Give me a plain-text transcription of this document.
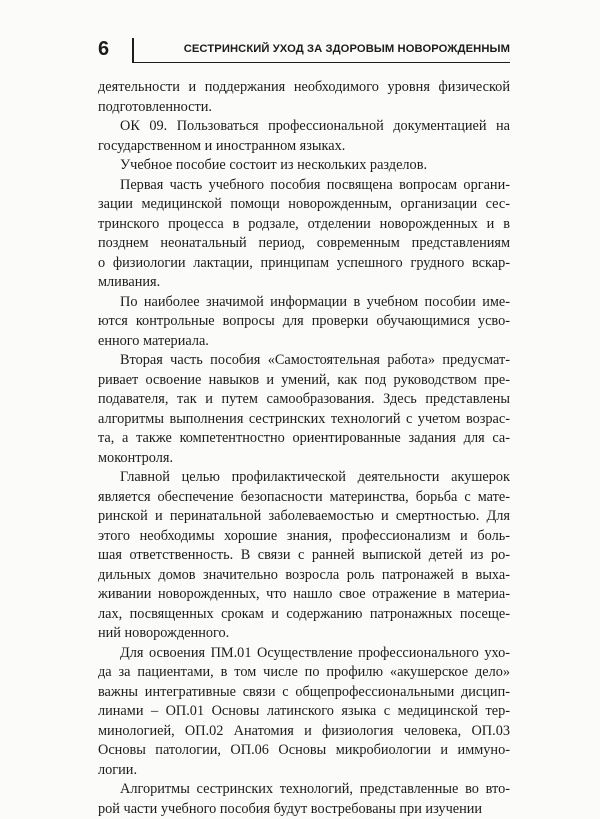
6	СЕСТРИНСКИЙ УХОД ЗА ЗДОРОВЫМ НОВОРОЖДЕННЫМ
деятельности и поддержания необходимого уровня физической
подготовленности.
ОК 09. Пользоваться профессиональной документацией на
государственном и иностранном языках.
Учебное пособие состоит из нескольких разделов.
Первая часть учебного пособия посвящена вопросам органи-
зации медицинской помощи новорожденным, организации сес-
тринского процесса в родзале, отделении новорожденных и в
позднем неонатальный период, современным представлениям
о физиологии лактации, принципам успешного грудного вскар-
мливания.
По наиболее значимой информации в учебном пособии име-
ются контрольные вопросы для проверки обучающимися усво-
енного материала.
Вторая часть пособия «Самостоятельная работа» предусмат-
ривает освоение навыков и умений, как под руководством пре-
подавателя, так и путем самообразования. Здесь представлены
алгоритмы выполнения сестринских технологий с учетом возрас-
та, а также компетентностно ориентированные задания для са-
моконтроля.
Главной целью профилактической деятельности акушерок
является обеспечение безопасности материнства, борьба с мате-
ринской и перинатальной заболеваемостью и смертностью. Для
этого необходимы хорошие знания, профессионализм и боль-
шая ответственность. В связи с ранней выпиской детей из ро-
дильных домов значительно возросла роль патронажей в выха-
живании новорожденных, что нашло свое отражение в материа-
лах, посвященных срокам и содержанию патронажных посеще-
ний новорожденного.
Для освоения ПМ.01 Осуществление профессионального ухо-
да за пациентами, в том числе по профилю «акушерское дело»
важны интегративные связи с общепрофессиональными дисцип-
линами – ОП.01 Основы латинского языка с медицинской тер-
минологией, ОП.02 Анатомия и физиология человека, ОП.03
Основы патологии, ОП.06 Основы микробиологии и иммуно-
логии.
Алгоритмы сестринских технологий, представленные во вто-
рой части учебного пособия будут востребованы при изучении
